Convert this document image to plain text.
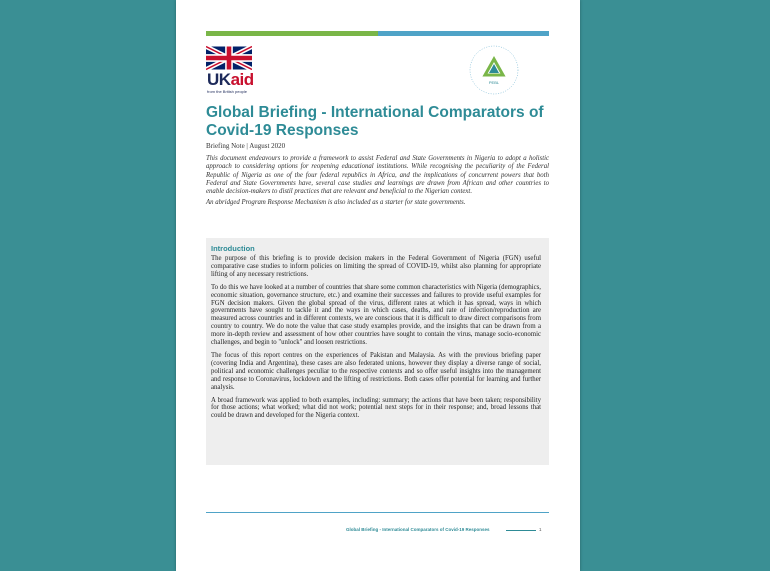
UKaid
from the British people
PEBL
Global Briefing - International Comparators of Covid-19 Responses
Briefing Note | August 2020

This document endeavours to provide a framework to assist Federal and State Governments in Nigeria to adopt a holistic approach to considering options for reopening educational institutions. While recognising the peculiarity of the Federal Republic of Nigeria as one of the four federal republics in Africa, and the implications of concurrent powers that both Federal and State Governments have, several case studies and learnings are drawn from African and other countries to enable decision-makers to distil practices that are relevant and beneficial to the Nigerian context.

An abridged Program Response Mechanism is also included as a starter for state governments.

Introduction

The purpose of this briefing is to provide decision makers in the Federal Government of Nigeria (FGN) useful comparative case studies to inform policies on limiting the spread of COVID-19, whilst also planning for appropriate lifting of any necessary restrictions.

To do this we have looked at a number of countries that share some common characteristics with Nigeria (demographics, economic situation, governance structure, etc.) and examine their successes and failures to provide useful examples for FGN decision makers. Given the global spread of the virus, different rates at which it has spread, ways in which governments have sought to tackle it and the ways in which cases, deaths, and rate of infection/reproduction are measured across countries and in different contexts, we are conscious that it is difficult to draw direct comparisons from country to country. We do note the value that case study examples provide, and the insights that can be drawn from a more in-depth review and assessment of how other countries have sought to contain the virus, manage socio-economic challenges, and begin to "unlock" and loosen restrictions.

The focus of this report centres on the experiences of Pakistan and Malaysia. As with the previous briefing paper (covering India and Argentina), these cases are also federated unions, however they display a diverse range of social, political and economic challenges peculiar to the respective contexts and so offer useful insights into the management and response to Coronavirus, lockdown and the lifting of restrictions. Both cases offer potential for learning and further analysis.

A broad framework was applied to both examples, including: summary; the actions that have been taken; responsibility for those actions; what worked; what did not work; potential next steps for in their response; and, broad lessons that could be drawn and developed for the Nigeria context.

Global Briefing - International Comparators of Covid-19 Responses	1
